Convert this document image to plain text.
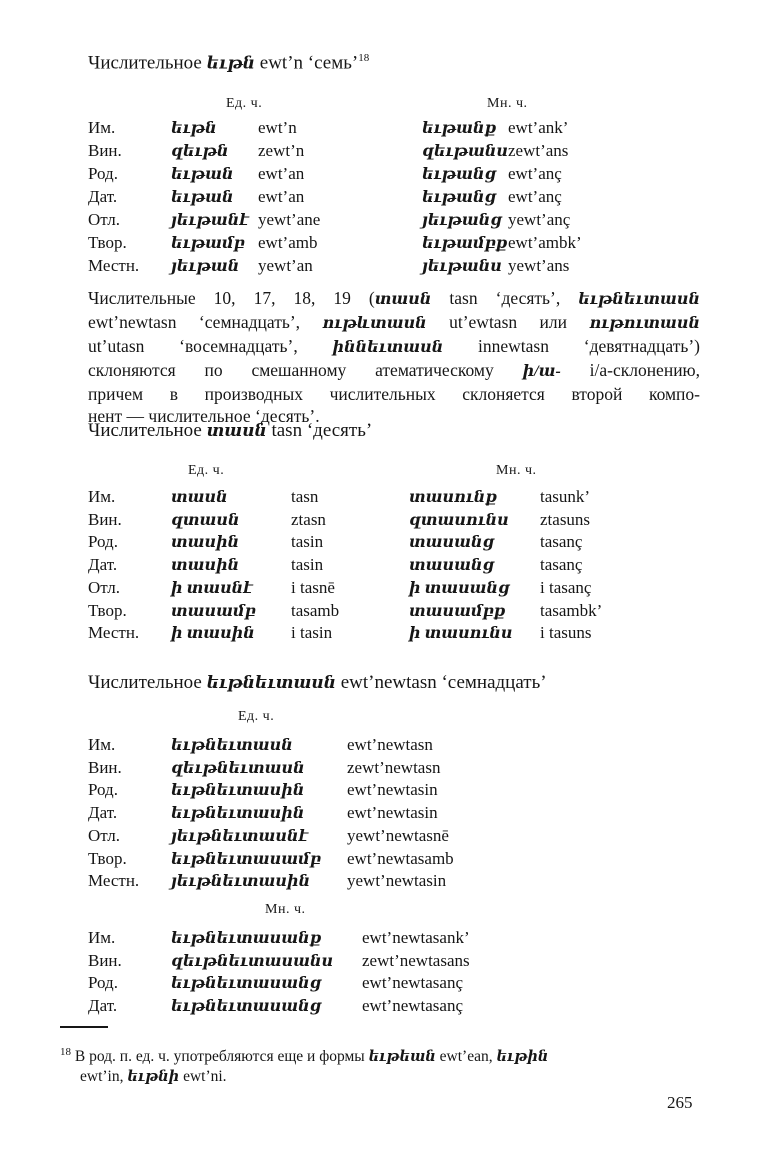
Числительное եւթն ewt’n ‘семь’$^{18}$
Ед. ч.	Мн. ч.
Им.	եւթն ewt’n	եւթանք ewt’ank’
Вин.	զեւթն zewt’n	զեւթանս zewt’ans
Род.	եւթան ewt’an	եւթանց ewt’anç
Дат.	եւթան ewt’an	եւթանց ewt’anç
Отл.	յեւթանէ yewt’ane	յեւթանց yewt’anç
Твор.	եւթամբ ewt’amb	եւթամբք ewt’ambk’
Местн. յեւթան yewt’an	յեւթանս yewt’ans
Числительные 10, 17, 18, 19 (տասն tasn ‘десять’, եւթնեւտասն
ewt’newtasn ‘семнадцать’, ութևտասն ut’ewtasn или ութուտասն
ut’utasn ‘восемнадцать’, իննեւտասն innewtasn ‘девятнадцать’)
склоняются по смешанному атематическому ի/ա- i/a-склонению,
причем в производных числительных склоняется второй компо-
нент — числительное ‘десять’.
Числительное տասն tasn ‘десять’
Ед. ч.	Мн. ч.
Им.	տասն	tasn	տասունք	tasunk’
Вин.	զտասն	ztasn	զտասունս ztasuns
Род.	տասին	tasin	տասանց	tasanç
Дат.	տասին	tasin	տասանց	tasanç
Отл.	ի տասնէ i tasnē	ի տասանց i tasanç
Твор.	տասամբ tasamb	տասամբք tasambk’
Местн. ի տասին i tasin	ի տասունս i tasuns
Числительное եւթնեւտասն ewt’newtasn ‘семнадцать’
Ед. ч.
Им.	եւթնեւտասն	ewt’newtasn
Вин.	զեւթնեւտասն zewt’newtasn
Род.	եւթնեւտասին	ewt’newtasin
Дат.	եւթնեւտասին	ewt’newtasin
Отл.	յեւթնեւտասնէ yewt’newtasnē
Твор.	եւթնեւտասամբ ewt’newtasamb
Местн. յեւթնեւտասին yewt’newtasin
Мн. ч.
Им.	եւթնեւտասանք ewt’newtasank’
Вин.	զեւթնեւտասանս zewt’newtasans
Род.	եւթնեւտասանց ewt’newtasanç
Дат.	եւթնեւտասանց ewt’newtasanç
$^{18}$ В род. п. ед. ч. употребляются еще и формы եւթեան ewt’ean, եւթին
ewt’in, եւթնի ewt’ni.
265
